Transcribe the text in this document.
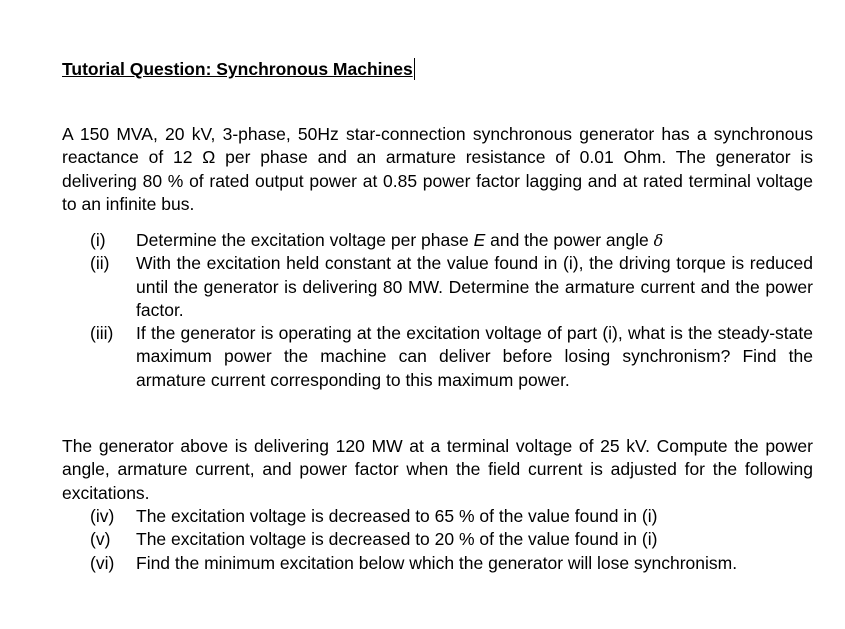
Tutorial Question: Synchronous Machines

A 150 MVA, 20 kV, 3-phase, 50Hz star-connection synchronous generator has a synchronous reactance of 12 Ω per phase and an armature resistance of 0.01 Ohm. The generator is delivering 80 % of rated output power at 0.85 power factor lagging and at rated terminal voltage to an infinite bus.

(i)	Determine the excitation voltage per phase E and the power angle δ
(ii)	With the excitation held constant at the value found in (i), the driving torque is reduced until the generator is delivering 80 MW. Determine the armature current and the power factor.
(iii)	If the generator is operating at the excitation voltage of part (i), what is the steady-state maximum power the machine can deliver before losing synchronism? Find the armature current corresponding to this maximum power.

The generator above is delivering 120 MW at a terminal voltage of 25 kV. Compute the power angle, armature current, and power factor when the field current is adjusted for the following excitations.

(iv)	The excitation voltage is decreased to 65 % of the value found in (i)
(v)	The excitation voltage is decreased to 20 % of the value found in (i)
(vi)	Find the minimum excitation below which the generator will lose synchronism.
